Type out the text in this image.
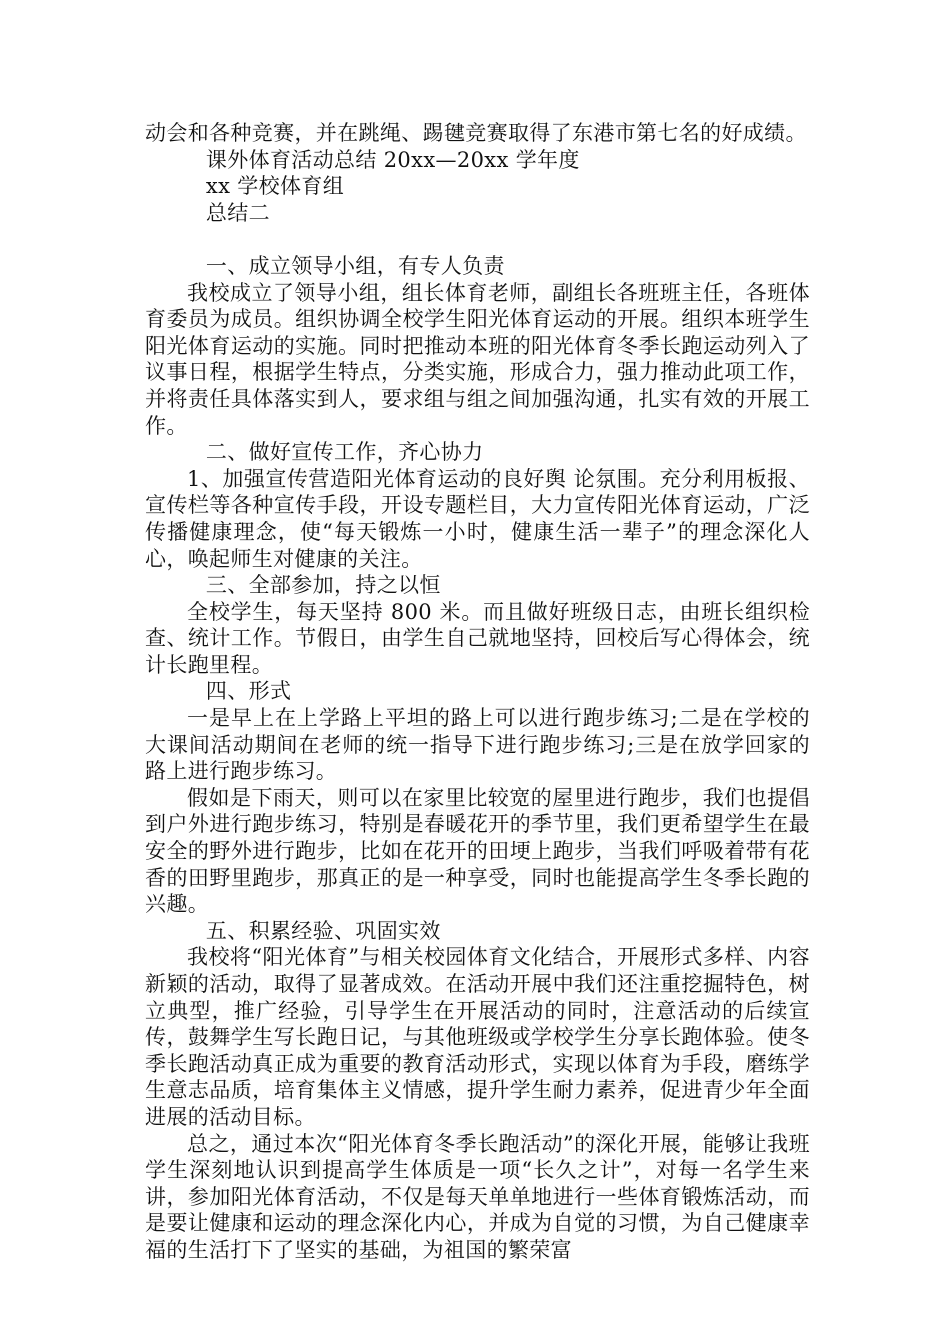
动会和各种竞赛，并在跳绳、踢毽竞赛取得了东港市第七名的好成绩。

课外体育活动总结 20xx—20xx 学年度

xx 学校体育组

总结二

一、成立领导小组，有专人负责

我校成立了领导小组，组长体育老师，副组长各班班主任，各班体育委员为成员。组织协调全校学生阳光体育运动的开展。组织本班学生阳光体育运动的实施。同时把推动本班的阳光体育冬季长跑运动列入了议事日程，根据学生特点，分类实施，形成合力，强力推动此项工作，并将责任具体落实到人，要求组与组之间加强沟通，扎实有效的开展工作。

二、做好宣传工作，齐心协力

1、加强宣传营造阳光体育运动的良好舆 论氛围。充分利用板报、宣传栏等各种宣传手段，开设专题栏目，大力宣传阳光体育运动，广泛传播健康理念，使“每天锻炼一小时，健康生活一辈子”的理念深化人心，唤起师生对健康的关注。

三、全部参加，持之以恒

全校学生，每天坚持 800 米。而且做好班级日志，由班长组织检查、统计工作。节假日，由学生自己就地坚持，回校后写心得体会，统计长跑里程。

四、形式

一是早上在上学路上平坦的路上可以进行跑步练习;二是在学校的大课间活动期间在老师的统一指导下进行跑步练习;三是在放学回家的路上进行跑步练习。

假如是下雨天，则可以在家里比较宽的屋里进行跑步，我们也提倡到户外进行跑步练习，特别是春暖花开的季节里，我们更希望学生在最安全的野外进行跑步，比如在花开的田埂上跑步，当我们呼吸着带有花香的田野里跑步，那真正的是一种享受，同时也能提高学生冬季长跑的兴趣。

五、积累经验、巩固实效

我校将“阳光体育”与相关校园体育文化结合，开展形式多样、内容新颖的活动，取得了显著成效。在活动开展中我们还注重挖掘特色，树立典型，推广经验，引导学生在开展活动的同时，注意活动的后续宣传，鼓舞学生写长跑日记，与其他班级或学校学生分享长跑体验。使冬季长跑活动真正成为重要的教育活动形式，实现以体育为手段，磨练学生意志品质，培育集体主义情感，提升学生耐力素养，促进青少年全面进展的活动目标。

总之，通过本次“阳光体育冬季长跑活动”的深化开展，能够让我班学生深刻地认识到提高学生体质是一项“长久之计”，对每一名学生来讲，参加阳光体育活动，不仅是每天单单地进行一些体育锻炼活动，而是要让健康和运动的理念深化内心，并成为自觉的习惯，为自己健康幸福的生活打下了坚实的基础，为祖国的繁荣富
